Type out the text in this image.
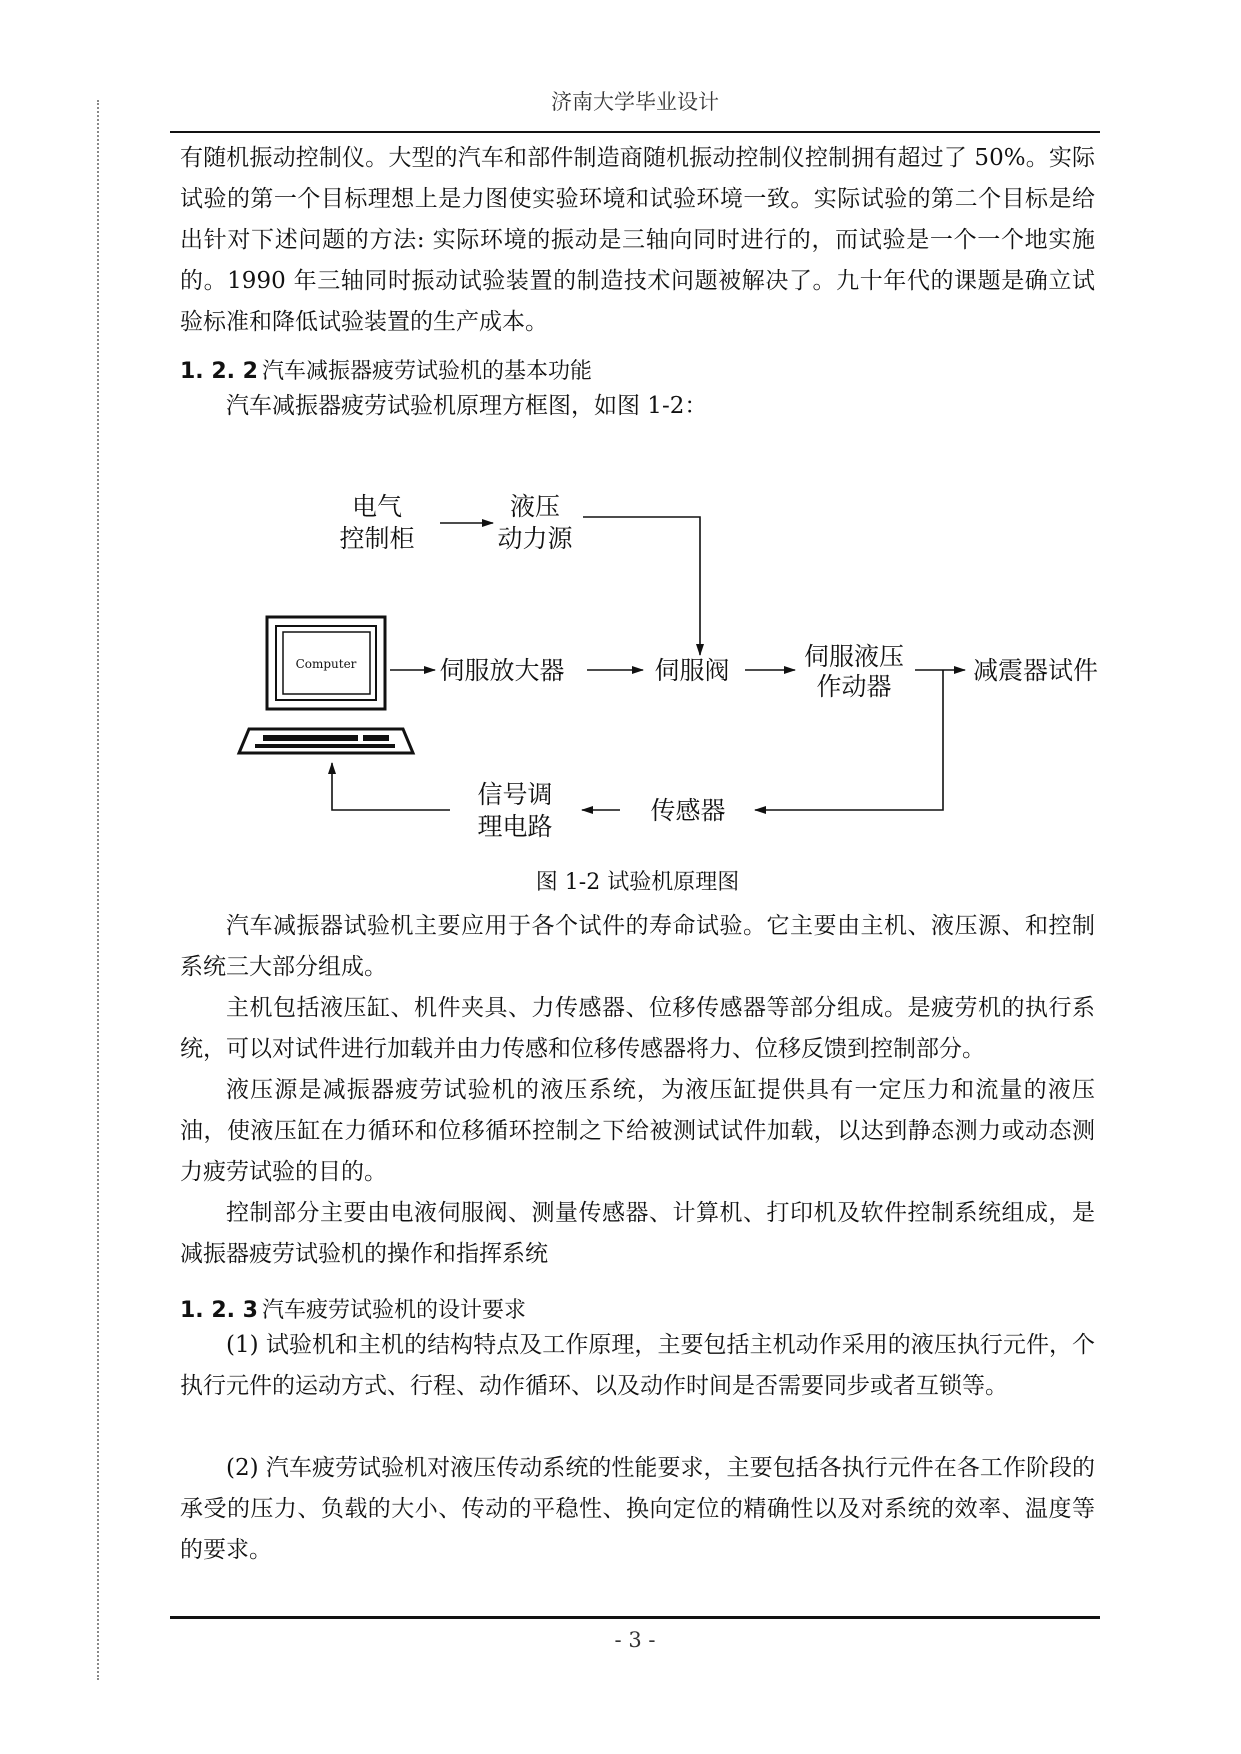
济南大学毕业设计

有随机振动控制仪。大型的汽车和部件制造商随机振动控制仪控制拥有超过了 50%。实际试验的第一个目标理想上是力图使实验环境和试验环境一致。实际试验的第二个目标是给出针对下述问题的方法: 实际环境的振动是三轴向同时进行的，而试验是一个一个地实施的。1990 年三轴同时振动试验装置的制造技术问题被解决了。九十年代的课题是确立试验标准和降低试验装置的生产成本。

1. 2. 2 汽车减振器疲劳试验机的基本功能

汽车减振器疲劳试验机原理方框图，如图 1-2：

电气
控制柜
液压
动力源
Computer	伺服放大器	伺服阀	伺服液压
作动器
减震器试件
传感器
信号调
理电路
图 1-2 试验机原理图

汽车减振器试验机主要应用于各个试件的寿命试验。它主要由主机、液压源、和控制系统三大部分组成。

主机包括液压缸、机件夹具、力传感器、位移传感器等部分组成。是疲劳机的执行系统，可以对试件进行加载并由力传感和位移传感器将力、位移反馈到控制部分。

液压源是减振器疲劳试验机的液压系统，为液压缸提供具有一定压力和流量的液压油，使液压缸在力循环和位移循环控制之下给被测试试件加载，以达到静态测力或动态测力疲劳试验的目的。

控制部分主要由电液伺服阀、测量传感器、计算机、打印机及软件控制系统组成，是减振器疲劳试验机的操作和指挥系统

1. 2. 3 汽车疲劳试验机的设计要求

(1) 试验机和主机的结构特点及工作原理，主要包括主机动作采用的液压执行元件，个执行元件的运动方式、行程、动作循环、以及动作时间是否需要同步或者互锁等。

(2) 汽车疲劳试验机对液压传动系统的性能要求，主要包括各执行元件在各工作阶段的承受的压力、负载的大小、传动的平稳性、换向定位的精确性以及对系统的效率、温度等的要求。

- 3 -
